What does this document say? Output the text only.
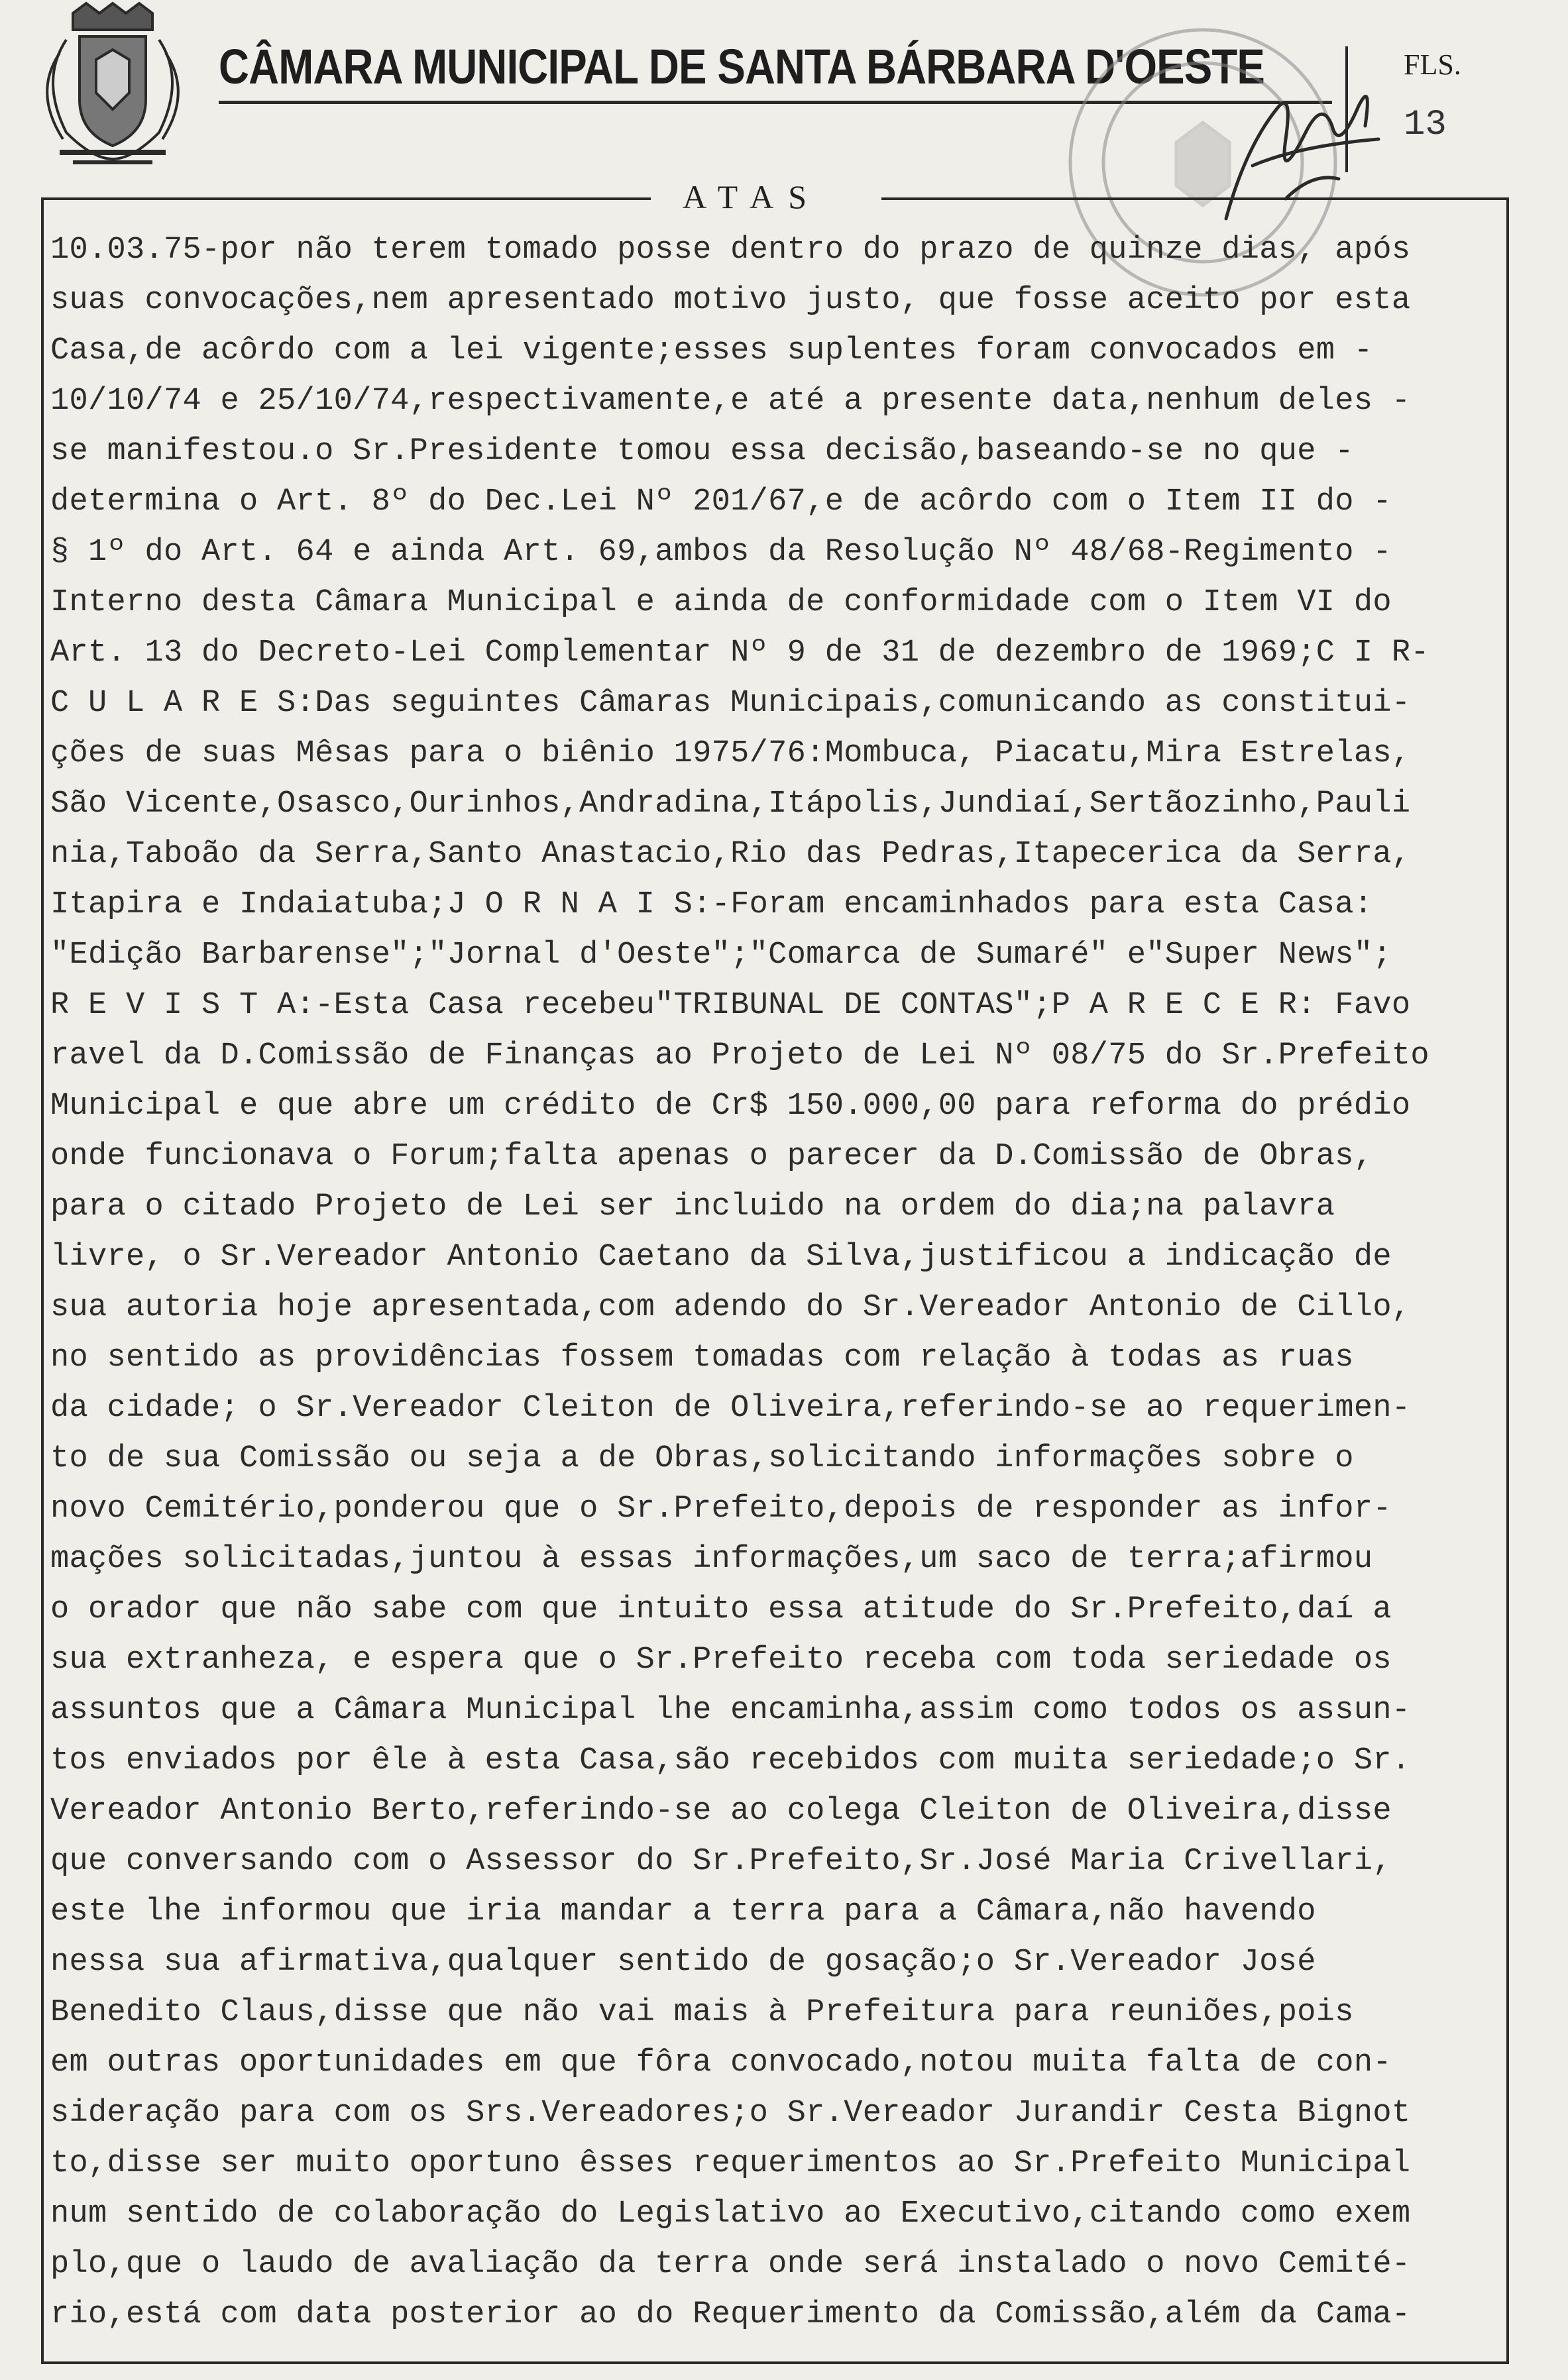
CÂMARA MUNICIPAL DE SANTA BÁRBARA D'OESTE	FLS.
13
ATAS
10.03.75-por não terem tomado posse dentro do prazo de quinze dias, após
suas convocações,nem apresentado motivo justo, que fosse aceito por esta
Casa,de acôrdo com a lei vigente;esses suplentes foram convocados em -
10/10/74 e 25/10/74,respectivamente,e até a presente data,nenhum deles -
se manifestou.o Sr.Presidente tomou essa decisão,baseando-se no que -
determina o Art. 8º do Dec.Lei Nº 201/67,e de acôrdo com o Item II do -
§ 1º do Art. 64 e ainda Art. 69,ambos da Resolução Nº 48/68-Regimento -
Interno desta Câmara Municipal e ainda de conformidade com o Item VI do
Art. 13 do Decreto-Lei Complementar Nº 9 de 31 de dezembro de 1969;C I R-
C U L A R E S:Das seguintes Câmaras Municipais,comunicando as constitui-
ções de suas Mêsas para o biênio 1975/76:Mombuca, Piacatu,Mira Estrelas,
São Vicente,Osasco,Ourinhos,Andradina,Itápolis,Jundiaí,Sertãozinho,Pauli
nia,Taboão da Serra,Santo Anastacio,Rio das Pedras,Itapecerica da Serra,
Itapira e Indaiatuba;J O R N A I S:-Foram encaminhados para esta Casa:
"Edição Barbarense";"Jornal d'Oeste";"Comarca de Sumaré" e"Super News";
R E V I S T A:-Esta Casa recebeu"TRIBUNAL DE CONTAS";P A R E C E R: Favo
ravel da D.Comissão de Finanças ao Projeto de Lei Nº 08/75 do Sr.Prefeito
Municipal e que abre um crédito de Cr$ 150.000,00 para reforma do prédio
onde funcionava o Forum;falta apenas o parecer da D.Comissão de Obras,
para o citado Projeto de Lei ser incluido na ordem do dia;na palavra
livre, o Sr.Vereador Antonio Caetano da Silva,justificou a indicação de
sua autoria hoje apresentada,com adendo do Sr.Vereador Antonio de Cillo,
no sentido as providências fossem tomadas com relação à todas as ruas
da cidade; o Sr.Vereador Cleiton de Oliveira,referindo-se ao requerimen-
to de sua Comissão ou seja a de Obras,solicitando informações sobre o
novo Cemitério,ponderou que o Sr.Prefeito,depois de responder as infor-
mações solicitadas,juntou à essas informações,um saco de terra;afirmou
o orador que não sabe com que intuito essa atitude do Sr.Prefeito,daí a
sua extranheza, e espera que o Sr.Prefeito receba com toda seriedade os
assuntos que a Câmara Municipal lhe encaminha,assim como todos os assun-
tos enviados por êle à esta Casa,são recebidos com muita seriedade;o Sr.
Vereador Antonio Berto,referindo-se ao colega Cleiton de Oliveira,disse
que conversando com o Assessor do Sr.Prefeito,Sr.José Maria Crivellari,
este lhe informou que iria mandar a terra para a Câmara,não havendo
nessa sua afirmativa,qualquer sentido de gosação;o Sr.Vereador José
Benedito Claus,disse que não vai mais à Prefeitura para reuniões,pois
em outras oportunidades em que fôra convocado,notou muita falta de con-
sideração para com os Srs.Vereadores;o Sr.Vereador Jurandir Cesta Bignot
to,disse ser muito oportuno êsses requerimentos ao Sr.Prefeito Municipal
num sentido de colaboração do Legislativo ao Executivo,citando como exem
plo,que o laudo de avaliação da terra onde será instalado o novo Cemité-
rio,está com data posterior ao do Requerimento da Comissão,além da Cama-
